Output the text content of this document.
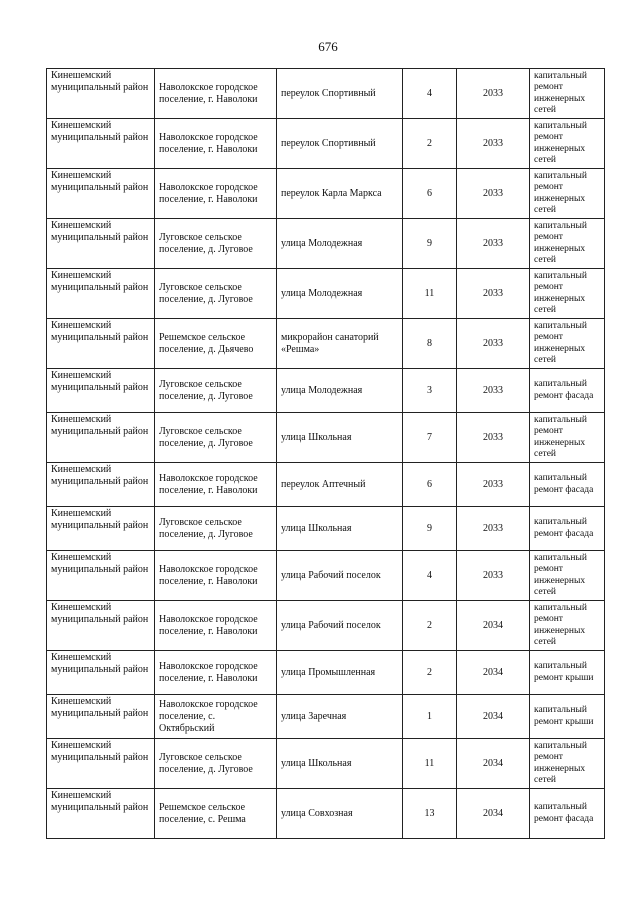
676
Кинешемский муниципальный район	Наволокское городское поселение, г. Наволоки	переулок Спортивный	4	2033	капитальный ремонт инженерных сетей
Кинешемский муниципальный район	Наволокское городское поселение, г. Наволоки	переулок Спортивный	2	2033	капитальный ремонт инженерных сетей
Кинешемский муниципальный район	Наволокское городское поселение, г. Наволоки	переулок Карла Маркса	6	2033	капитальный ремонт инженерных сетей
Кинешемский муниципальный район	Луговское сельское поселение, д. Луговое	улица Молодежная	9	2033	капитальный ремонт инженерных сетей
Кинешемский муниципальный район	Луговское сельское поселение, д. Луговое	улица Молодежная	11	2033	капитальный ремонт инженерных сетей
Кинешемский муниципальный район	Решемское сельское поселение, д. Дьячево	микрорайон санаторий «Решма»	8	2033	капитальный ремонт инженерных сетей
Кинешемский муниципальный район	Луговское сельское поселение, д. Луговое	улица Молодежная	3	2033	капитальный ремонт фасада
Кинешемский муниципальный район	Луговское сельское поселение, д. Луговое	улица Школьная	7	2033	капитальный ремонт инженерных сетей
Кинешемский муниципальный район	Наволокское городское поселение, г. Наволоки	переулок Аптечный	6	2033	капитальный ремонт фасада
Кинешемский муниципальный район	Луговское сельское поселение, д. Луговое	улица Школьная	9	2033	капитальный ремонт фасада
Кинешемский муниципальный район	Наволокское городское поселение, г. Наволоки	улица Рабочий поселок	4	2033	капитальный ремонт инженерных сетей
Кинешемский муниципальный район	Наволокское городское поселение, г. Наволоки	улица Рабочий поселок	2	2034	капитальный ремонт инженерных сетей
Кинешемский муниципальный район	Наволокское городское поселение, г. Наволоки	улица Промышленная	2	2034	капитальный ремонт крыши
Кинешемский муниципальный район	Наволокское городское поселение, с. Октябрьский	улица Заречная	1	2034	капитальный ремонт крыши
Кинешемский муниципальный район	Луговское сельское поселение, д. Луговое	улица Школьная	11	2034	капитальный ремонт инженерных сетей
Кинешемский муниципальный район	Решемское сельское поселение, с. Решма	улица Совхозная	13	2034	капитальный ремонт фасада
